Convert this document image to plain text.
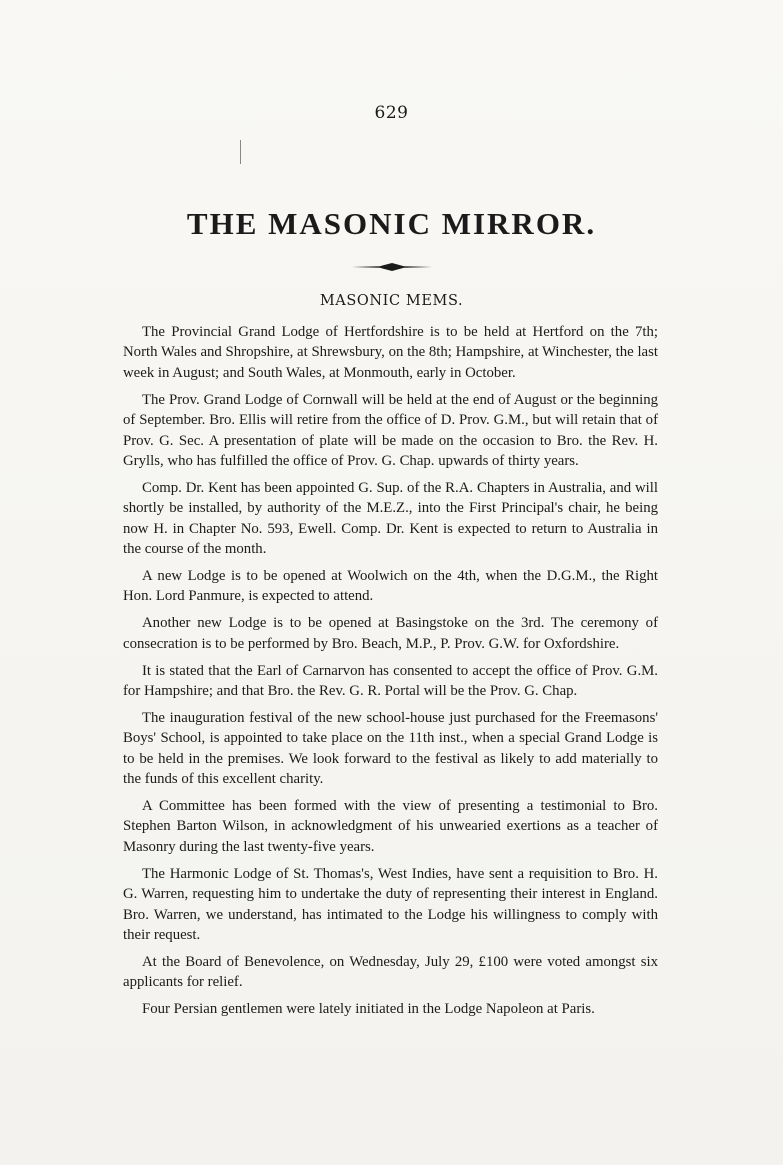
629
THE MASONIC MIRROR.
MASONIC MEMS.

The Provincial Grand Lodge of Hertfordshire is to be held at Hertford on the 7th; North Wales and Shropshire, at Shrewsbury, on the 8th; Hampshire, at Winchester, the last week in August; and South Wales, at Monmouth, early in October.

The Prov. Grand Lodge of Cornwall will be held at the end of August or the beginning of September. Bro. Ellis will retire from the office of D. Prov. G.M., but will retain that of Prov. G. Sec. A presentation of plate will be made on the occasion to Bro. the Rev. H. Grylls, who has fulfilled the office of Prov. G. Chap. upwards of thirty years.

Comp. Dr. Kent has been appointed G. Sup. of the R.A. Chapters in Australia, and will shortly be installed, by authority of the M.E.Z., into the First Principal's chair, he being now H. in Chapter No. 593, Ewell. Comp. Dr. Kent is expected to return to Australia in the course of the month.

A new Lodge is to be opened at Woolwich on the 4th, when the D.G.M., the Right Hon. Lord Panmure, is expected to attend.

Another new Lodge is to be opened at Basingstoke on the 3rd. The ceremony of consecration is to be performed by Bro. Beach, M.P., P. Prov. G.W. for Oxfordshire.

It is stated that the Earl of Carnarvon has consented to accept the office of Prov. G.M. for Hampshire; and that Bro. the Rev. G. R. Portal will be the Prov. G. Chap.

The inauguration festival of the new school-house just purchased for the Freemasons' Boys' School, is appointed to take place on the 11th inst., when a special Grand Lodge is to be held in the premises. We look forward to the festival as likely to add materially to the funds of this excellent charity.

A Committee has been formed with the view of presenting a testimonial to Bro. Stephen Barton Wilson, in acknowledgment of his unwearied exertions as a teacher of Masonry during the last twenty-five years.

The Harmonic Lodge of St. Thomas's, West Indies, have sent a requisition to Bro. H. G. Warren, requesting him to undertake the duty of representing their interest in England. Bro. Warren, we understand, has intimated to the Lodge his willingness to comply with their request.

At the Board of Benevolence, on Wednesday, July 29, £100 were voted amongst six applicants for relief.

Four Persian gentlemen were lately initiated in the Lodge Napoleon at Paris.
